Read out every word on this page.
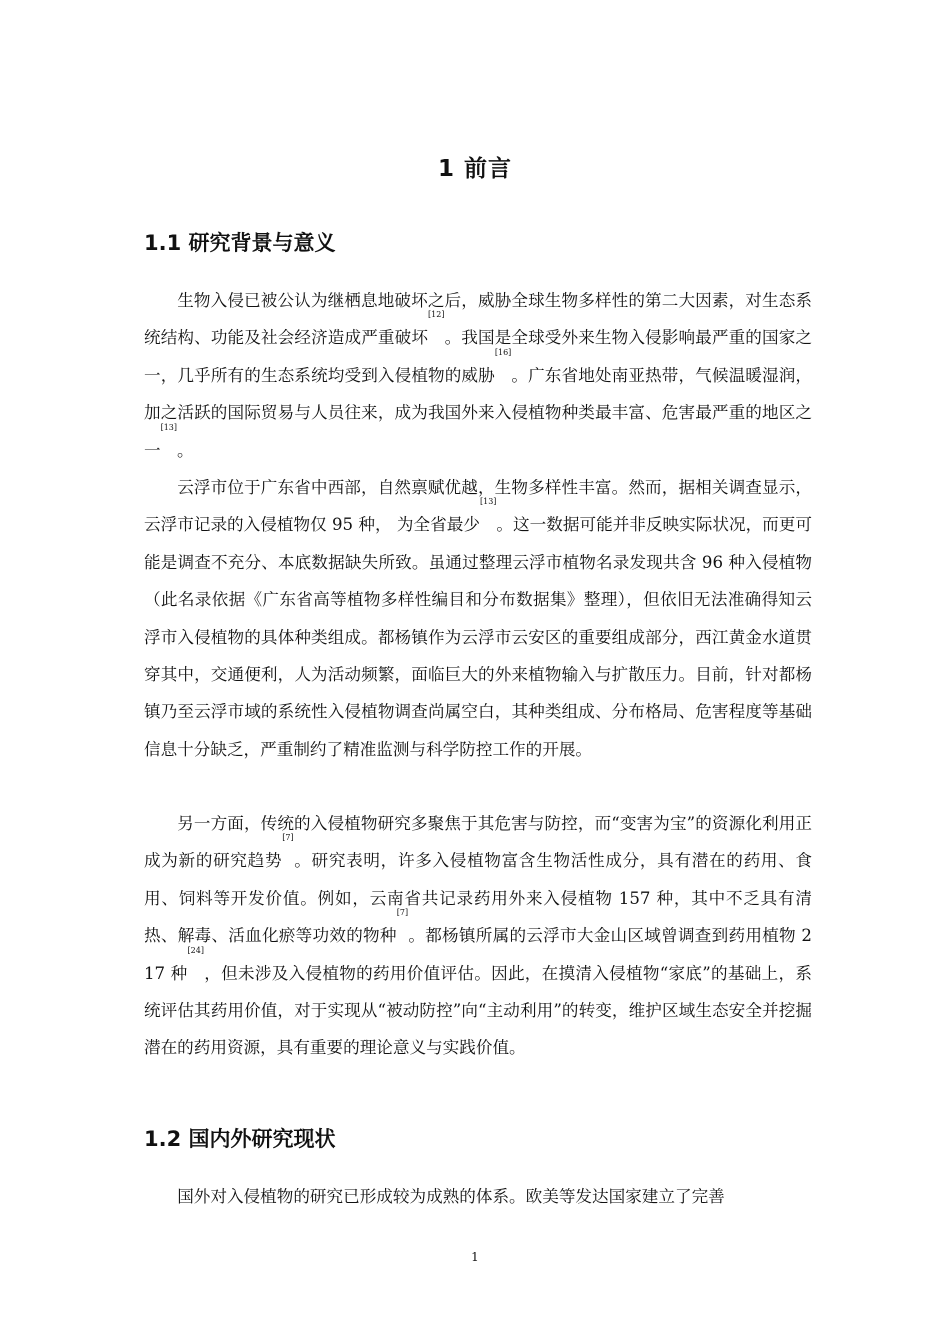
1 前言
1.1 研究背景与意义

生物入侵已被公认为继栖息地破坏之后，威胁全球生物多样性的第二大因素，对生态系统结构、功能及社会经济造成严重破坏[12]。我国是全球受外来生物入侵影响最严重的国家之一，几乎所有的生态系统均受到入侵植物的威胁[16]。广东省地处南亚热带，气候温暖湿润，加之活跃的国际贸易与人员往来，成为我国外来入侵植物种类最丰富、危害最严重的地区之一[13]。

云浮市位于广东省中西部，自然禀赋优越，生物多样性丰富。然而，据相关调查显示，云浮市记录的入侵植物仅 95 种， 为全省最少[13]。这一数据可能并非反映实际状况，而更可能是调查不充分、本底数据缺失所致。虽通过整理云浮市植物名录发现共含 96 种入侵植物（此名录依据《广东省高等植物多样性编目和分布数据集》整理），但依旧无法准确得知云浮市入侵植物的具体种类组成。都杨镇作为云浮市云安区的重要组成部分，西江黄金水道贯穿其中，交通便利，人为活动频繁，面临巨大的外来植物输入与扩散压力。目前，针对都杨镇乃至云浮市域的系统性入侵植物调查尚属空白，其种类组成、分布格局、危害程度等基础信息十分缺乏，严重制约了精准监测与科学防控工作的开展。

另一方面，传统的入侵植物研究多聚焦于其危害与防控，而“变害为宝”的资源化利用正成为新的研究趋势[7]。研究表明，许多入侵植物富含生物活性成分，具有潜在的药用、食用、饲料等开发价值。例如，云南省共记录药用外来入侵植物 157 种，其中不乏具有清热、解毒、活血化瘀等功效的物种[7]。都杨镇所属的云浮市大金山区域曾调查到药用植物 217 种[24]，但未涉及入侵植物的药用价值评估。因此，在摸清入侵植物“家底”的基础上，系统评估其药用价值，对于实现从“被动防控”向“主动利用”的转变，维护区域生态安全并挖掘潜在的药用资源，具有重要的理论意义与实践价值。

1.2 国内外研究现状

国外对入侵植物的研究已形成较为成熟的体系。欧美等发达国家建立了完善

1
